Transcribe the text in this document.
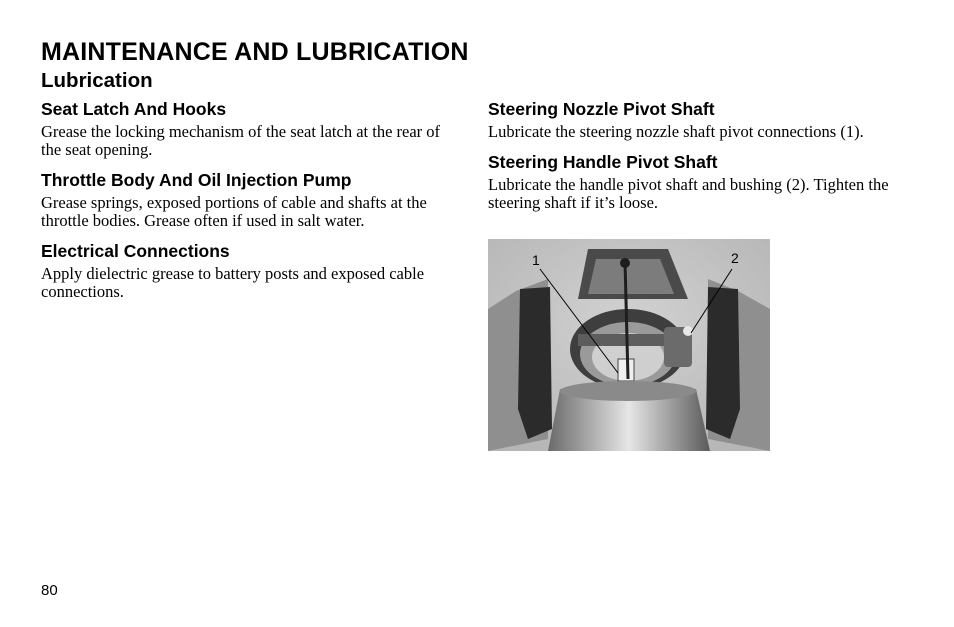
MAINTENANCE AND LUBRICATION
Lubrication
Seat Latch And Hooks
Grease the locking mechanism of the seat latch at the rear of the seat opening.
Throttle Body And Oil Injection Pump
Grease springs, exposed portions of cable and shafts at the throttle bodies. Grease often if used in salt water.
Electrical Connections
Apply dielectric grease to battery posts and exposed cable connections.
Steering Nozzle Pivot Shaft
Lubricate the steering nozzle shaft pivot connections (1).
Steering Handle Pivot Shaft
Lubricate the handle pivot shaft and bushing (2). Tighten the steering shaft if it’s loose.
1	2
80
